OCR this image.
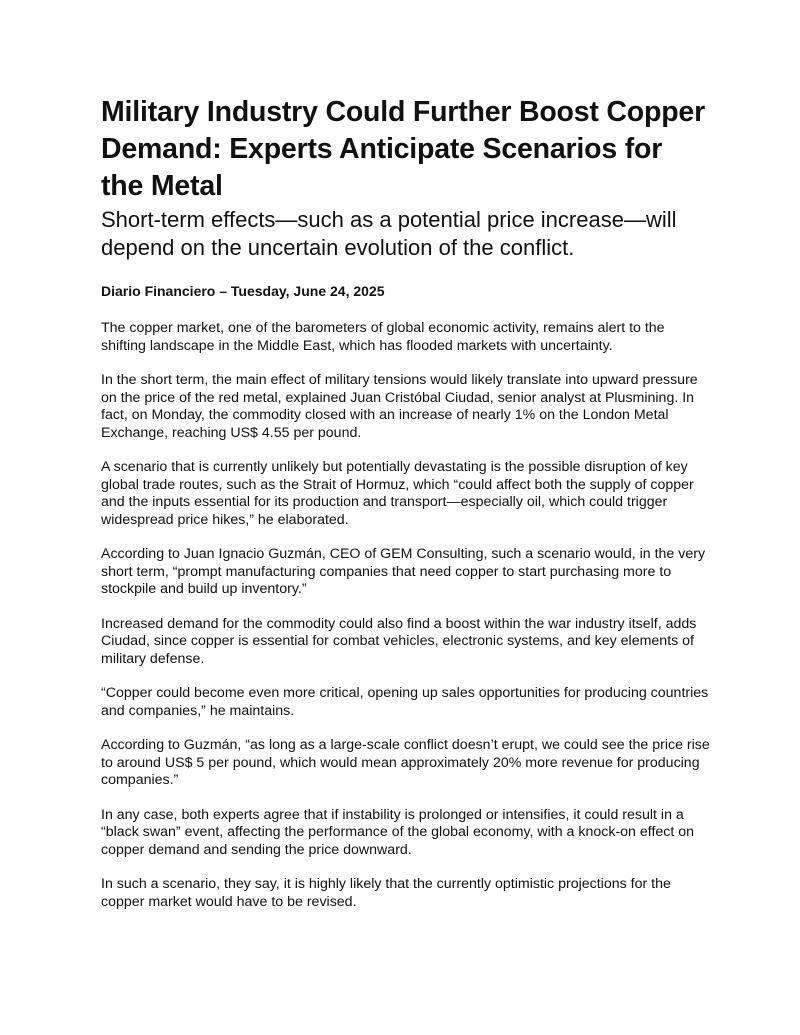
Military Industry Could Further Boost Copper Demand: Experts Anticipate Scenarios for the Metal
Short-term effects—such as a potential price increase—will depend on the uncertain evolution of the conflict.

Diario Financiero – Tuesday, June 24, 2025

The copper market, one of the barometers of global economic activity, remains alert to the shifting landscape in the Middle East, which has flooded markets with uncertainty.

In the short term, the main effect of military tensions would likely translate into upward pressure on the price of the red metal, explained Juan Cristóbal Ciudad, senior analyst at Plusmining. In fact, on Monday, the commodity closed with an increase of nearly 1% on the London Metal Exchange, reaching US$ 4.55 per pound.

A scenario that is currently unlikely but potentially devastating is the possible disruption of key global trade routes, such as the Strait of Hormuz, which “could affect both the supply of copper and the inputs essential for its production and transport—especially oil, which could trigger widespread price hikes,” he elaborated.

According to Juan Ignacio Guzmán, CEO of GEM Consulting, such a scenario would, in the very short term, “prompt manufacturing companies that need copper to start purchasing more to stockpile and build up inventory.”

Increased demand for the commodity could also find a boost within the war industry itself, adds Ciudad, since copper is essential for combat vehicles, electronic systems, and key elements of military defense.

“Copper could become even more critical, opening up sales opportunities for producing countries and companies,” he maintains.

According to Guzmán, “as long as a large-scale conflict doesn’t erupt, we could see the price rise to around US$ 5 per pound, which would mean approximately 20% more revenue for producing companies.”

In any case, both experts agree that if instability is prolonged or intensifies, it could result in a “black swan” event, affecting the performance of the global economy, with a knock-on effect on copper demand and sending the price downward.

In such a scenario, they say, it is highly likely that the currently optimistic projections for the copper market would have to be revised.
